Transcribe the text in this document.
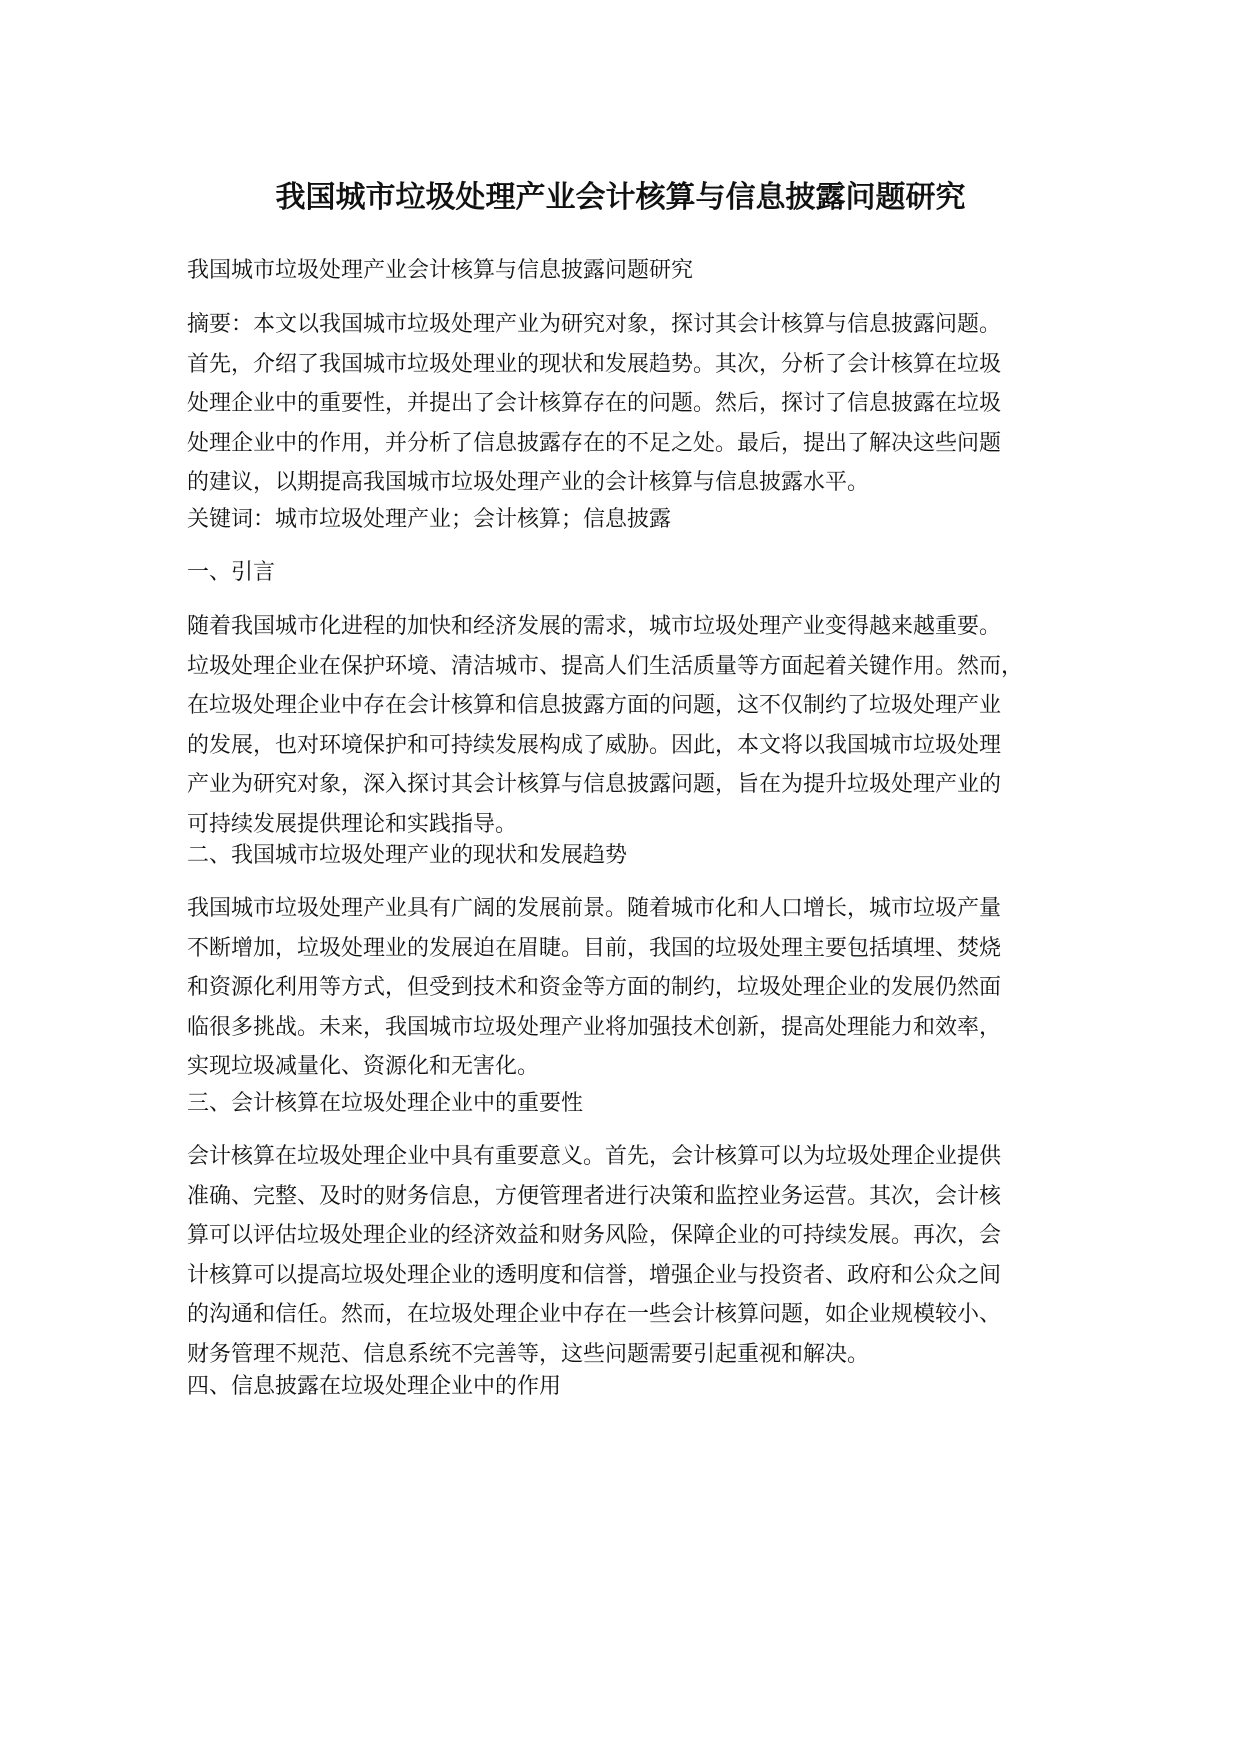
我国城市垃圾处理产业会计核算与信息披露问题研究

我国城市垃圾处理产业会计核算与信息披露问题研究

摘要：本文以我国城市垃圾处理产业为研究对象，探讨其会计核算与信息披露问题。
首先，介绍了我国城市垃圾处理业的现状和发展趋势。其次，分析了会计核算在垃圾
处理企业中的重要性，并提出了会计核算存在的问题。然后，探讨了信息披露在垃圾
处理企业中的作用，并分析了信息披露存在的不足之处。最后，提出了解决这些问题
的建议，以期提高我国城市垃圾处理产业的会计核算与信息披露水平。

关键词：城市垃圾处理产业；会计核算；信息披露

一、引言

随着我国城市化进程的加快和经济发展的需求，城市垃圾处理产业变得越来越重要。
垃圾处理企业在保护环境、清洁城市、提高人们生活质量等方面起着关键作用。然而，
在垃圾处理企业中存在会计核算和信息披露方面的问题，这不仅制约了垃圾处理产业
的发展，也对环境保护和可持续发展构成了威胁。因此，本文将以我国城市垃圾处理
产业为研究对象，深入探讨其会计核算与信息披露问题，旨在为提升垃圾处理产业的
可持续发展提供理论和实践指导。

二、我国城市垃圾处理产业的现状和发展趋势

我国城市垃圾处理产业具有广阔的发展前景。随着城市化和人口增长，城市垃圾产量
不断增加，垃圾处理业的发展迫在眉睫。目前，我国的垃圾处理主要包括填埋、焚烧
和资源化利用等方式，但受到技术和资金等方面的制约，垃圾处理企业的发展仍然面
临很多挑战。未来，我国城市垃圾处理产业将加强技术创新，提高处理能力和效率，
实现垃圾减量化、资源化和无害化。

三、会计核算在垃圾处理企业中的重要性

会计核算在垃圾处理企业中具有重要意义。首先，会计核算可以为垃圾处理企业提供
准确、完整、及时的财务信息，方便管理者进行决策和监控业务运营。其次，会计核
算可以评估垃圾处理企业的经济效益和财务风险，保障企业的可持续发展。再次，会
计核算可以提高垃圾处理企业的透明度和信誉，增强企业与投资者、政府和公众之间
的沟通和信任。然而，在垃圾处理企业中存在一些会计核算问题，如企业规模较小、
财务管理不规范、信息系统不完善等，这些问题需要引起重视和解决。

四、信息披露在垃圾处理企业中的作用
